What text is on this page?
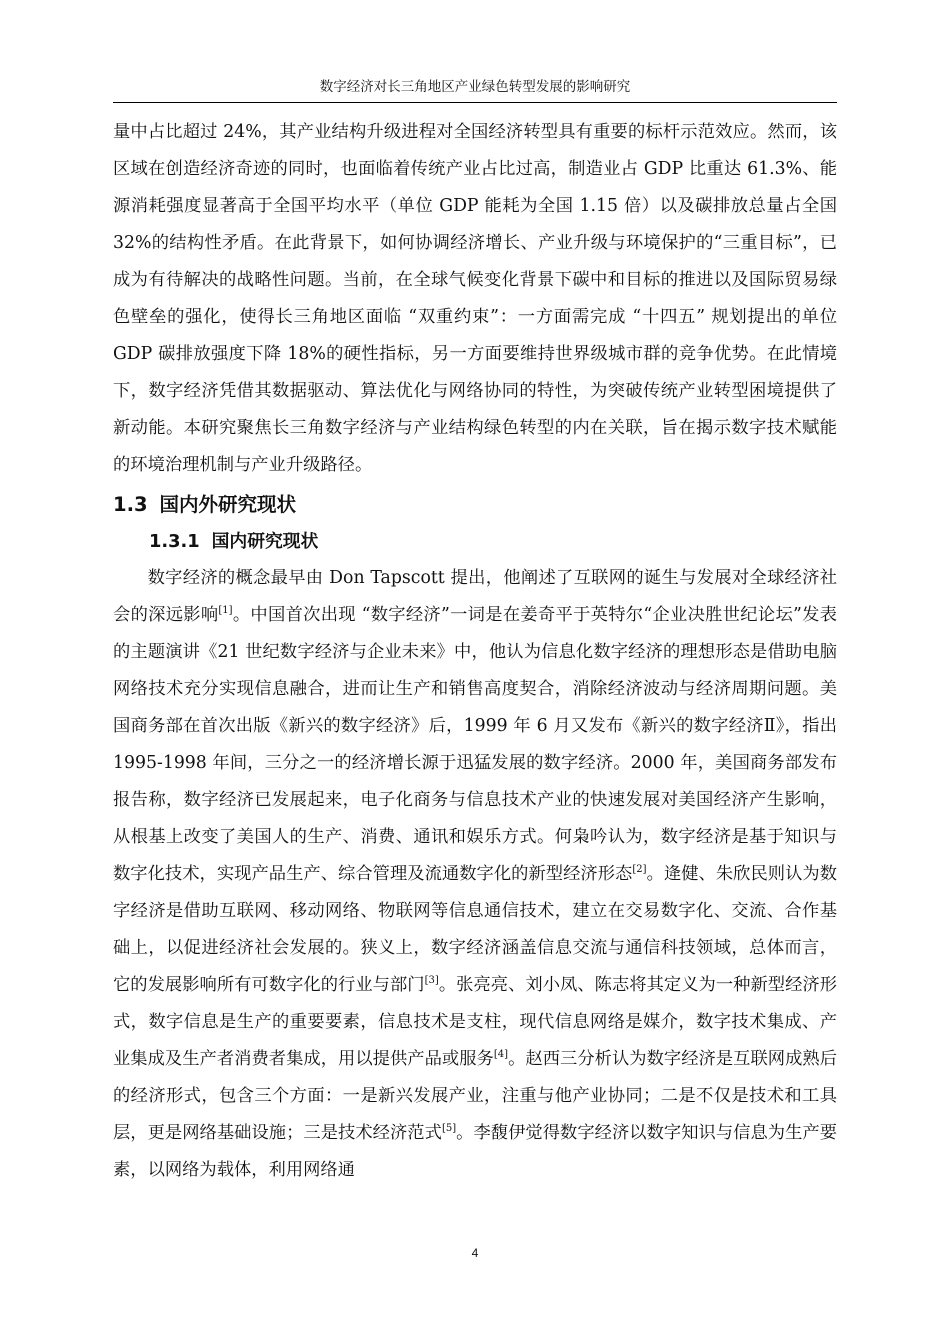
数字经济对长三角地区产业绿色转型发展的影响研究

量中占比超过 24%，其产业结构升级进程对全国经济转型具有重要的标杆示范效应。然而，该区域在创造经济奇迹的同时，也面临着传统产业占比过高，制造业占 GDP 比重达 61.3%、能源消耗强度显著高于全国平均水平（单位 GDP 能耗为全国 1.15 倍）以及碳排放总量占全国 32%的结构性矛盾。在此背景下，如何协调经济增长、产业升级与环境保护的“三重目标”，已成为有待解决的战略性问题。当前，在全球气候变化背景下碳中和目标的推进以及国际贸易绿色壁垒的强化，使得长三角地区面临 “双重约束”：一方面需完成 “十四五” 规划提出的单位 GDP 碳排放强度下降 18%的硬性指标，另一方面要维持世界级城市群的竞争优势。在此情境下，数字经济凭借其数据驱动、算法优化与网络协同的特性，为突破传统产业转型困境提供了新动能。本研究聚焦长三角数字经济与产业结构绿色转型的内在关联，旨在揭示数字技术赋能的环境治理机制与产业升级路径。

1.3 国内外研究现状
1.3.1 国内研究现状

数字经济的概念最早由 Don Tapscott 提出，他阐述了互联网的诞生与发展对全球经济社会的深远影响[1]。中国首次出现 “数字经济”一词是在姜奇平于英特尔“企业决胜世纪论坛”发表的主题演讲《21 世纪数字经济与企业未来》中，他认为信息化数字经济的理想形态是借助电脑网络技术充分实现信息融合，进而让生产和销售高度契合，消除经济波动与经济周期问题。美国商务部在首次出版《新兴的数字经济》后，1999 年 6 月又发布《新兴的数字经济Ⅱ》，指出 1995-1998 年间，三分之一的经济增长源于迅猛发展的数字经济。2000 年，美国商务部发布报告称，数字经济已发展起来，电子化商务与信息技术产业的快速发展对美国经济产生影响，从根基上改变了美国人的生产、消费、通讯和娱乐方式。何枭吟认为，数字经济是基于知识与数字化技术，实现产品生产、综合管理及流通数字化的新型经济形态[2]。逄健、朱欣民则认为数字经济是借助互联网、移动网络、物联网等信息通信技术，建立在交易数字化、交流、合作基础上，以促进经济社会发展的。狭义上，数字经济涵盖信息交流与通信科技领域，总体而言，它的发展影响所有可数字化的行业与部门[3]。张亮亮、刘小凤、陈志将其定义为一种新型经济形式，数字信息是生产的重要要素，信息技术是支柱，现代信息网络是媒介，数字技术集成、产业集成及生产者消费者集成，用以提供产品或服务[4]。赵西三分析认为数字经济是互联网成熟后的经济形式，包含三个方面：一是新兴发展产业，注重与他产业协同；二是不仅是技术和工具层，更是网络基础设施；三是技术经济范式[5]。李馥伊觉得数字经济以数字知识与信息为生产要素，以网络为载体，利用网络通

4
